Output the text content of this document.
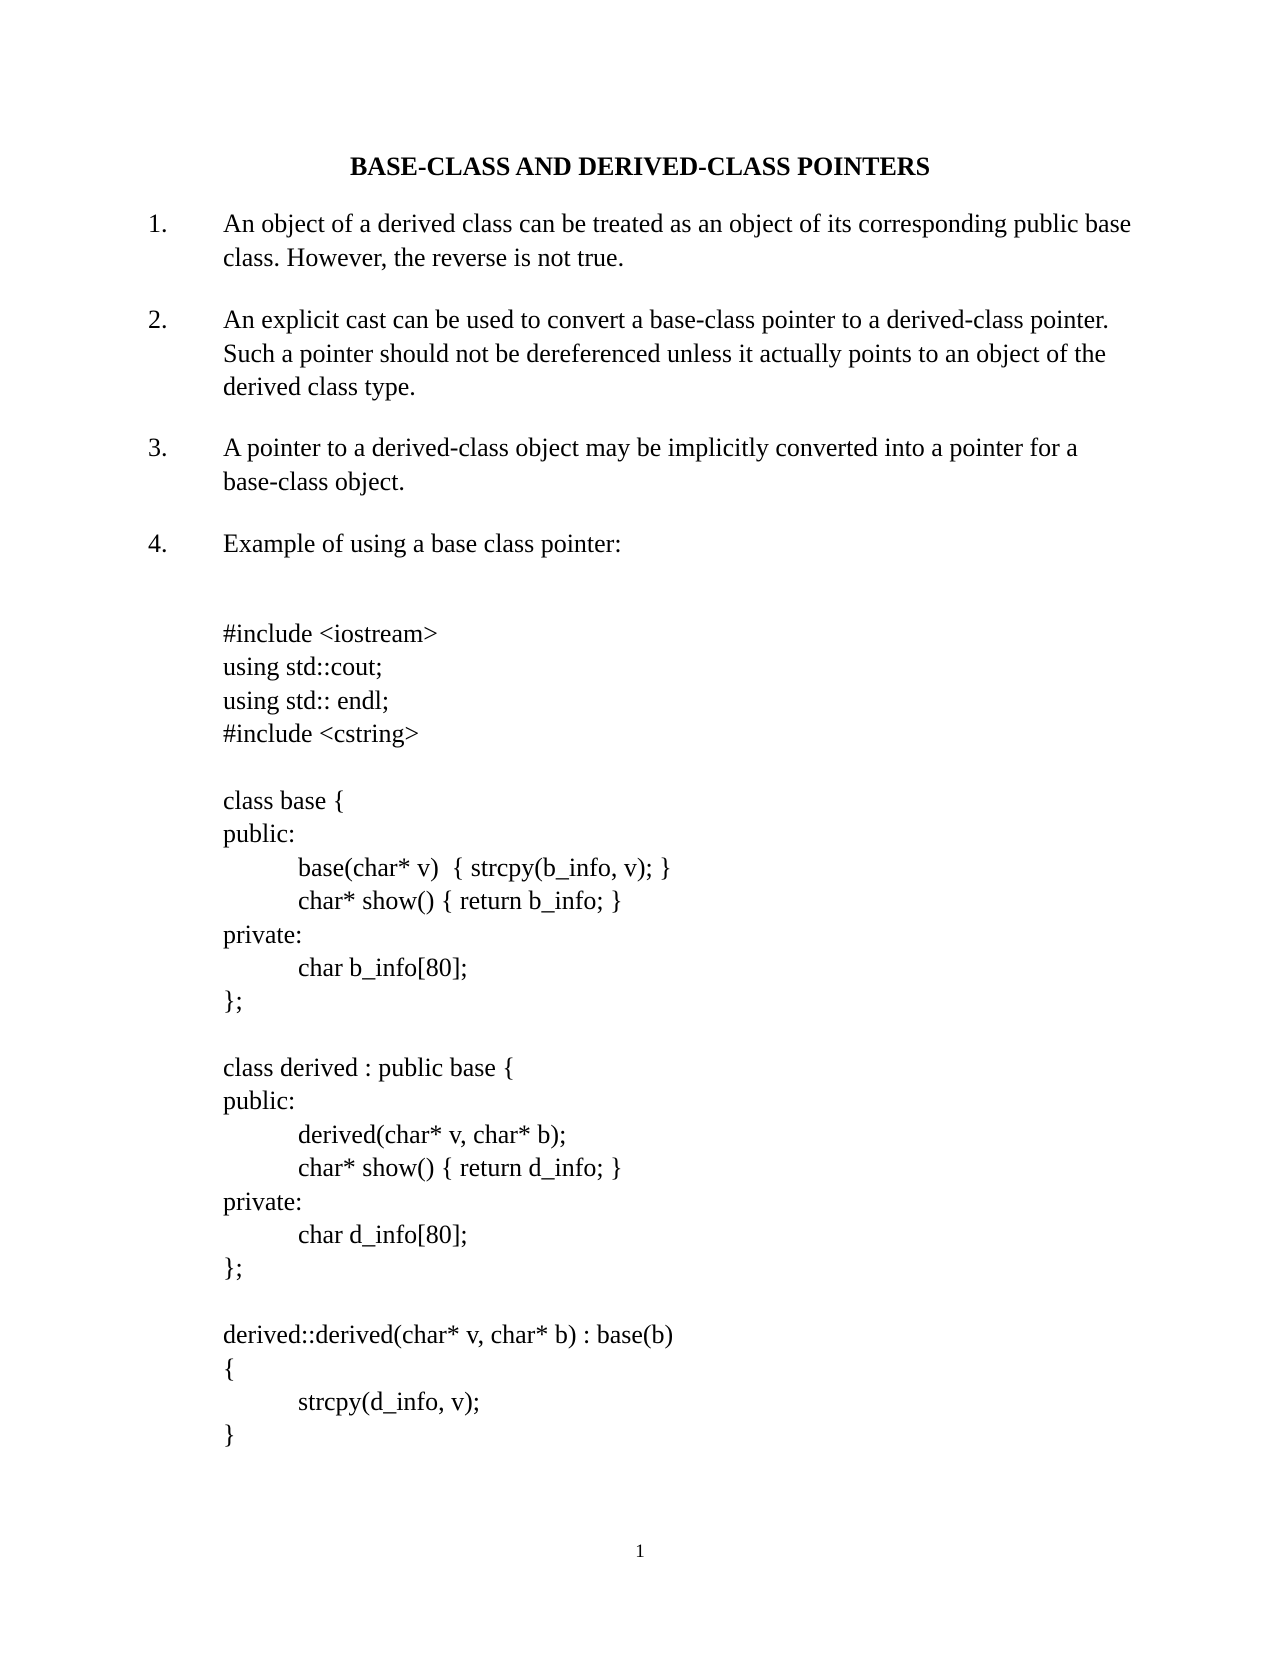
BASE-CLASS AND DERIVED-CLASS POINTERS
1.	An object of a derived class can be treated as an object of its corresponding public base class. However, the reverse is not true.
2.	An explicit cast can be used to convert a base-class pointer to a derived-class pointer. Such a pointer should not be dereferenced unless it actually points to an object of the derived class type.
3.	A pointer to a derived-class object may be implicitly converted into a pointer for a base-class object.
4.	Example of using a base class pointer:
#include <iostream>
using std::cout;
using std:: endl;
#include <cstring>
class base {
public:
base(char* v)  { strcpy(b_info, v); }
char* show() { return b_info; }
private:
char b_info[80];
};
class derived : public base {
public:
derived(char* v, char* b);
char* show() { return d_info; }
private:
char d_info[80];
};
derived::derived(char* v, char* b) : base(b)
{
strcpy(d_info, v);
}
1
